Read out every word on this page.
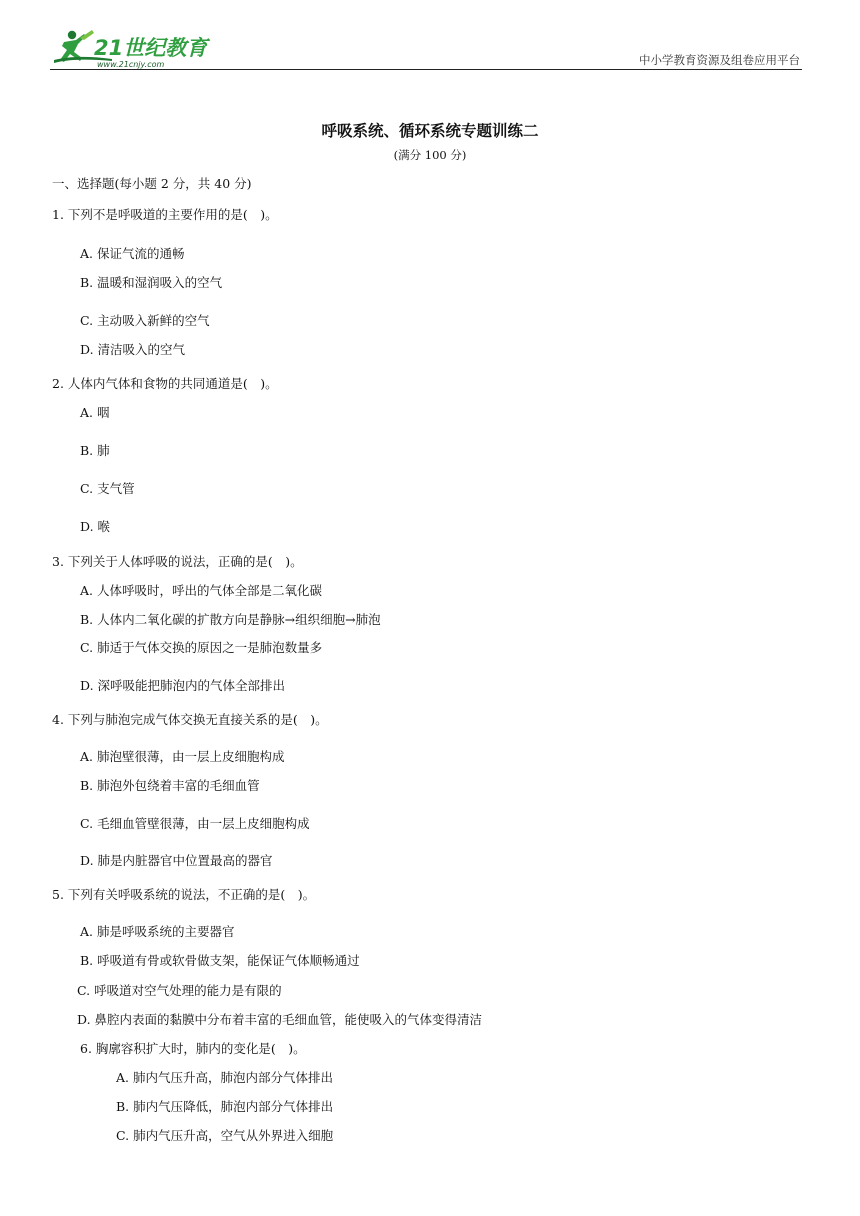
21世纪教育
www.21cnjy.com	中小学教育资源及组卷应用平台
呼吸系统、循环系统专题训练二
(满分 100 分)
一、选择题(每小题 2 分，共 40 分)
1. 下列不是呼吸道的主要作用的是(　)。
A. 保证气流的通畅
B. 温暖和湿润吸入的空气
C. 主动吸入新鲜的空气
D. 清洁吸入的空气
2. 人体内气体和食物的共同通道是(　)。
A. 咽
B. 肺
C. 支气管
D. 喉
3. 下列关于人体呼吸的说法，正确的是(　)。
A. 人体呼吸时，呼出的气体全部是二氧化碳
B. 人体内二氧化碳的扩散方向是静脉→组织细胞→肺泡
C. 肺适于气体交换的原因之一是肺泡数量多
D. 深呼吸能把肺泡内的气体全部排出
4. 下列与肺泡完成气体交换无直接关系的是(　)。
A. 肺泡壁很薄，由一层上皮细胞构成
B. 肺泡外包绕着丰富的毛细血管
C. 毛细血管壁很薄，由一层上皮细胞构成
D. 肺是内脏器官中位置最高的器官
5. 下列有关呼吸系统的说法，不正确的是(　)。
A. 肺是呼吸系统的主要器官
B. 呼吸道有骨或软骨做支架，能保证气体顺畅通过
C. 呼吸道对空气处理的能力是有限的
D. 鼻腔内表面的黏膜中分布着丰富的毛细血管，能使吸入的气体变得清洁
6. 胸廓容积扩大时，肺内的变化是(　)。
A. 肺内气压升高，肺泡内部分气体排出
B. 肺内气压降低，肺泡内部分气体排出
C. 肺内气压升高，空气从外界进入细胞
